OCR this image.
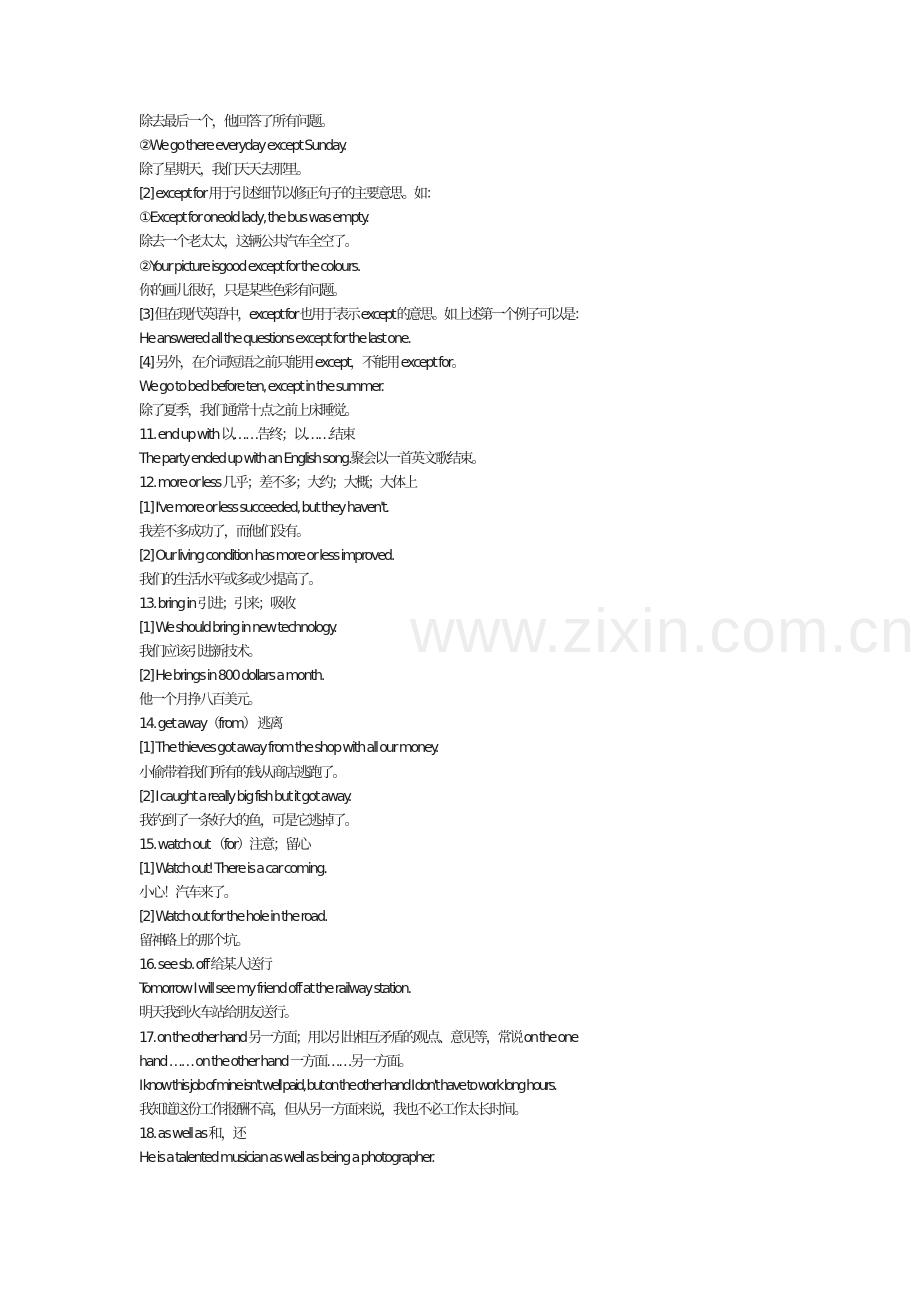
除去最后一个，他回答了所有问题。
②We go there everyday except Sunday.
除了星期天，我们天天去那里。
[2] except for 用于引述细节以修正句子的主要意思。如：
①Except for oneold lady, the bus was empty.
除去一个老太太，这辆公共汽车全空了。
②Your picture isgood except for the colours.
你的画儿很好，只是某些色彩有问题。
[3] 但在现代英语中，except for 也用于表示 except 的意思。如上述第一个例子可以是：
He answered all the questions except for the last one.
[4] 另外，在介词短语之前只能用 except，不能用 except for。
We go to bed before ten, except in the summer.
除了夏季，我们通常十点之前上床睡觉。
11. end up with 以……告终；以……结束
The party ended up with an English song.聚会以一首英文歌结束。
12. more or less 几乎；差不多；大约；大概；大体上
[1] I've more or less succeeded, but they haven't.
我差不多成功了，而他们没有。
[2] Our living condition has more or less improved.
我们的生活水平或多或少提高了。
13. bring in 引进；引来；吸收
[1] We should bring in new technology.
我们应该引进新技术。
[2] He brings in 800 dollars a month.
他一个月挣八百美元。
14. get away（from） 逃离
[1] The thieves got away from the shop with all our money.
小偷带着我们所有的钱从商店逃跑了。
[2] I caught a really big fish but it got away.
我钓到了一条好大的鱼，可是它逃掉了。
15. watch out （for）注意；留心
[1] Watch out! There is a car coming.
小心！汽车来了。
[2] Watch out for the hole in the road.
留神路上的那个坑。
16. see sb. off 给某人送行
Tomorrow I will see my friend off at the railway station.
明天我到火车站给朋友送行。
17. on the other hand 另一方面；用以引出相互矛盾的观点、意见等，常说 on the one
hand …… on the other hand 一方面……另一方面。
I know this job of mine isn't well paid, but on the other hand I don't have to work long hours.
我知道这份工作报酬不高，但从另一方面来说，我也不必工作太长时间。
18. as well as 和，还
He is a talented musician as well as being a photographer.
www.zixin.com.cn
